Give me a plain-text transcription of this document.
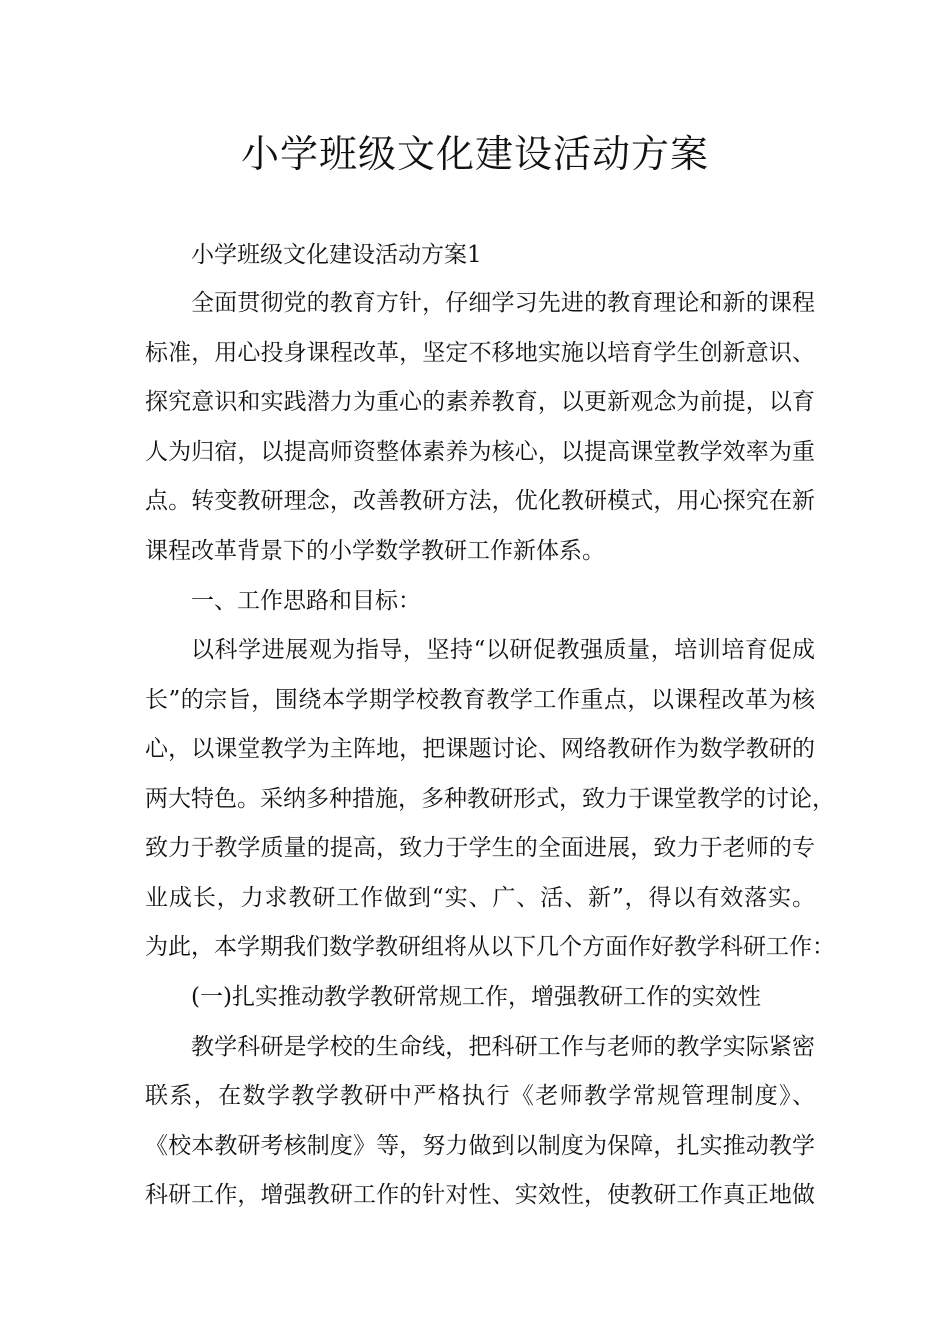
小学班级文化建设活动方案

小学班级文化建设活动方案1

全面贯彻党的教育方针，仔细学习先进的教育理论和新的课程

标准，用心投身课程改革，坚定不移地实施以培育学生创新意识、

探究意识和实践潜力为重心的素养教育，以更新观念为前提，以育

人为归宿，以提高师资整体素养为核心，以提高课堂教学效率为重

点。转变教研理念，改善教研方法，优化教研模式，用心探究在新

课程改革背景下的小学数学教研工作新体系。

一、工作思路和目标：

以科学进展观为指导，坚持“以研促教强质量，培训培育促成

长”的宗旨，围绕本学期学校教育教学工作重点，以课程改革为核

心，以课堂教学为主阵地，把课题讨论、网络教研作为数学教研的

两大特色。采纳多种措施，多种教研形式，致力于课堂教学的讨论，

致力于教学质量的提高，致力于学生的全面进展，致力于老师的专

业成长，力求教研工作做到“实、广、活、新”，得以有效落实。

为此，本学期我们数学教研组将从以下几个方面作好教学科研工作：

(一)扎实推动教学教研常规工作，增强教研工作的实效性

教学科研是学校的生命线，把科研工作与老师的教学实际紧密

联系，在数学教学教研中严格执行《老师教学常规管理制度》、

《校本教研考核制度》等，努力做到以制度为保障，扎实推动教学

科研工作，增强教研工作的针对性、实效性，使教研工作真正地做
